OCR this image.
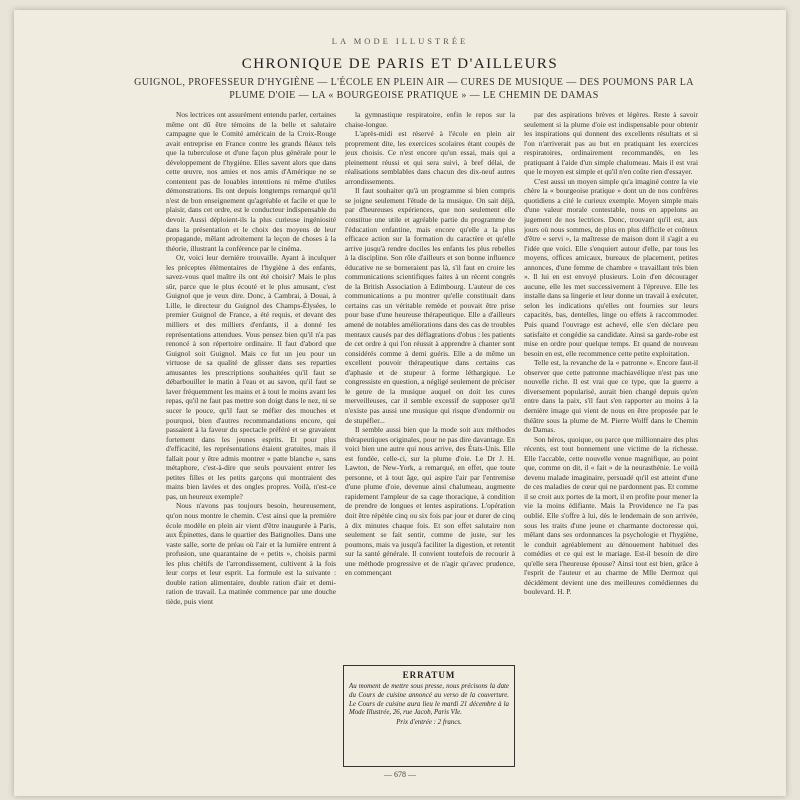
LA MODE ILLUSTRÉE
CHRONIQUE DE PARIS ET D'AILLEURS
GUIGNOL, PROFESSEUR D'HYGIÈNE — L'ÉCOLE EN PLEIN AIR — CURES DE MUSIQUE — DES POUMONS PAR LA PLUME D'OIE — LA « BOURGEOISE PRATIQUE » — LE CHEMIN DE DAMAS

Nos lectrices ont assurément entendu parler, certaines même ont dû être témoins de la belle et salutaire campagne que le Comité américain de la Croix-Rouge avait entreprise en France contre les grands fléaux tels que la tuberculose et d'une façon plus générale pour le développement de l'hygiène. Elles savent alors que dans cette œuvre, nos amies et nos amis d'Amérique ne se contentent pas de louables intentions ni même d'utiles démonstrations. Ils ont depuis longtemps remarqué qu'il n'est de bon enseignement qu'agréable et facile et que le plaisir, dans cet ordre, est le conducteur indispensable du devoir. Aussi déploient-ils la plus curieuse ingéniosité dans la présentation et le choix des moyens de leur propagande, mêlant adroitement la leçon de choses à la théorie, illustrant la conférence par le cinéma.

Or, voici leur dernière trouvaille. Ayant à inculquer les préceptes élémentaires de l'hygiène à des enfants, savez-vous quel maître ils ont été choisir? Mais le plus sûr, parce que le plus écouté et le plus amusant, c'est Guignol que je veux dire. Donc, à Cambrai, à Douai, à Lille, le directeur du Guignol des Champs-Élysées, le premier Guignol de France, a été requis, et devant des milliers et des milliers d'enfants, il a donné les représentations attendues. Vous pensez bien qu'il n'a pas renoncé à son répertoire ordinaire. Il faut d'abord que Guignol soit Guignol. Mais ce fut un jeu pour un virtuose de sa qualité de glisser dans ses reparties amusantes les prescriptions souhaitées qu'il faut se débarbouiller le matin à l'eau et au savon, qu'il faut se laver fréquemment les mains et à tout le moins avant les repas, qu'il ne faut pas mettre son doigt dans le nez, ni se sucer le pouce, qu'il faut se méfier des mouches et pourquoi, bien d'autres recommandations encore, qui passaient à la faveur du spectacle préféré et se gravaient fortement dans les jeunes esprits. Et pour plus d'efficacité, les représentations étaient gratuites, mais il fallait pour y être admis montrer « patte blanche », sans métaphore, c'est-à-dire que seuls pouvaient entrer les petites filles et les petits garçons qui montraient des mains bien lavées et des ongles propres. Voilà, n'est-ce pas, un heureux exemple?

Nous n'avons pas toujours besoin, heureusement, qu'on nous montre le chemin. C'est ainsi que la première école modèle en plein air vient d'être inaugurée à Paris, aux Épinettes, dans le quartier des Batignolles. Dans une vaste salle, sorte de préau où l'air et la lumière entrent à profusion, une quarantaine de « petits », choisis parmi les plus chétifs de l'arrondissement, cultivent à la fois leur corps et leur esprit. La formule est la suivante : double ration alimentaire, double ration d'air et demi-ration de travail. La matinée commence par une douche tiède, puis vient

la gymnastique respiratoire, enfin le repos sur la chaise-longue.

L'après-midi est réservé à l'école en plein air proprement dite, les exercices scolaires étant coupés de jeux choisis. Ce n'est encore qu'un essai, mais qui a pleinement réussi et qui sera suivi, à bref délai, de réalisations semblables dans chacun des dix-neuf autres arrondissements.

Il faut souhaiter qu'à un programme si bien compris se joigne seulement l'étude de la musique. On sait déjà, par d'heureuses expériences, que non seulement elle constitue une utile et agréable partie du programme de l'éducation enfantine, mais encore qu'elle a la plus efficace action sur la formation du caractère et qu'elle arrive jusqu'à rendre dociles les enfants les plus rebelles à la discipline. Son rôle d'ailleurs et son bonne influence éducative ne se borneraient pas là, s'il faut en croire les communications scientifiques faites à un récent congrès de la British Association à Edimbourg. L'auteur de ces communications a pu montrer qu'elle constituait dans certains cas un véritable remède et pouvait être prise pour base d'une heureuse thérapeutique. Elle a d'ailleurs amené de notables améliorations dans des cas de troubles mentaux causés par des déflagrations d'obus : les patients de cet ordre à qui l'on réussit à apprendre à chanter sont considérés comme à demi guéris. Elle a de même un excellent pouvoir thérapeutique dans certains cas d'aphasie et de stupeur à forme léthargique. Le congressiste en question, a négligé seulement de préciser le genre de la musique auquel on doit les cures merveilleuses, car il semble excessif de supposer qu'il n'existe pas aussi une musique qui risque d'endormir ou de stupéfier...

Il semble aussi bien que la mode soit aux méthodes thérapeutiques originales, pour ne pas dire davantage. En voici bien une autre qui nous arrive, des États-Unis. Elle est fondée, celle-ci, sur la plume d'oie. Le Dr J. H. Lawton, de New-York, a remarqué, en effet, que toute personne, et à tout âge, qui aspire l'air par l'entremise d'une plume d'oie, devenue ainsi chalumeau, augmente rapidement l'ampleur de sa cage thoracique, à condition de prendre de longues et lentes aspirations. L'opération doit être répétée cinq ou six fois par jour et durer de cinq à dix minutes chaque fois. Et son effet salutaire non seulement se fait sentir, comme de juste, sur les poumons, mais va jusqu'à faciliter la digestion, et retentit sur la santé générale. Il convient toutefois de recourir à une méthode progressive et de n'agir qu'avec prudence, en commençant

par des aspirations brèves et légères. Reste à savoir seulement si la plume d'oie est indispensable pour obtenir les inspirations qui donnent des excellents résultats et si l'on n'arriverait pas au but en pratiquant les exercices respiratoires, ordinairement recommandés, en les pratiquant à l'aide d'un simple chalumeau. Mais il est vrai que le moyen est simple et qu'il n'en coûte rien d'essayer.

C'est aussi un moyen simple qu'a imaginé contre la vie chère la « bourgeoise pratique » dont un de nos confrères quotidiens a cité le curieux exemple. Moyen simple mais d'une valeur morale contestable, nous en appelons au jugement de nos lectrices. Donc, trouvant qu'il est, aux jours où nous sommes, de plus en plus difficile et coûteux d'être « servi », la maîtresse de maison dont il s'agit a eu l'idée que voici. Elle s'enquiert autour d'elle, par tous les moyens, offices amicaux, bureaux de placement, petites annonces, d'une femme de chambre « travaillant très bien ». Il lui en est envoyé plusieurs. Loin d'en décourager aucune, elle les met successivement à l'épreuve. Elle les installe dans sa lingerie et leur donne un travail à exécuter, selon les indications qu'elles ont fournies sur leurs capacités, bas, dentelles, linge ou effets à raccommoder. Puis quand l'ouvrage est achevé, elle s'en déclare peu satisfaite et congédie sa candidate. Ainsi sa garde-robe est mise en ordre pour quelque temps. Et quand de nouveau besoin en est, elle recommence cette petite exploitation.

Telle est, la revanche de la « patronne ». Encore faut-il observer que cette patronne machiavélique n'est pas une nouvelle riche. Il est vrai que ce type, que la guerre a diversement popularisé, aurait bien changé depuis qu'en entre dans la paix, s'il faut s'en rapporter au moins à la dernière image qui vient de nous en être proposée par le théâtre sous la plume de M. Pierre Wolff dans le Chemin de Damas.

Son héros, quoique, ou parce que millionnaire des plus récents, est tout bonnement une victime de la richesse. Elle l'accable, cette nouvelle venue magnifique, au point que, comme on dit, il « fait » de la neurasthénie. Le voilà devenu malade imaginaire, persuadé qu'il est atteint d'une de ces maladies de cœur qui ne pardonnent pas. Et comme il se croit aux portes de la mort, il en profite pour mener la vie la moins édifiante. Mais la Providence ne l'a pas oublié. Elle s'offre à lui, dès le lendemain de son arrivée, sous les traits d'une jeune et charmante doctoresse qui, mêlant dans ses ordonnances la psychologie et l'hygiène, le conduit agréablement au dénouement habituel des comédies et ce qui est le mariage. Est-il besoin de dire qu'elle sera l'heureuse épouse? Ainsi tout est bien, grâce à l'esprit de l'auteur et au charme de Mlle Dermoz qui décidément devient une des meilleures comédiennes du boulevard. H. P.

ERRATUM
Au moment de mettre sous presse, nous précisons la date du Cours de cuisine annoncé au verso de la couverture. Le Cours de cuisine aura lieu le mardi 21 décembre à la Mode Illustrée, 26, rue Jacob, Paris VIe.
Prix d'entrée : 2 francs.
— 678 —
